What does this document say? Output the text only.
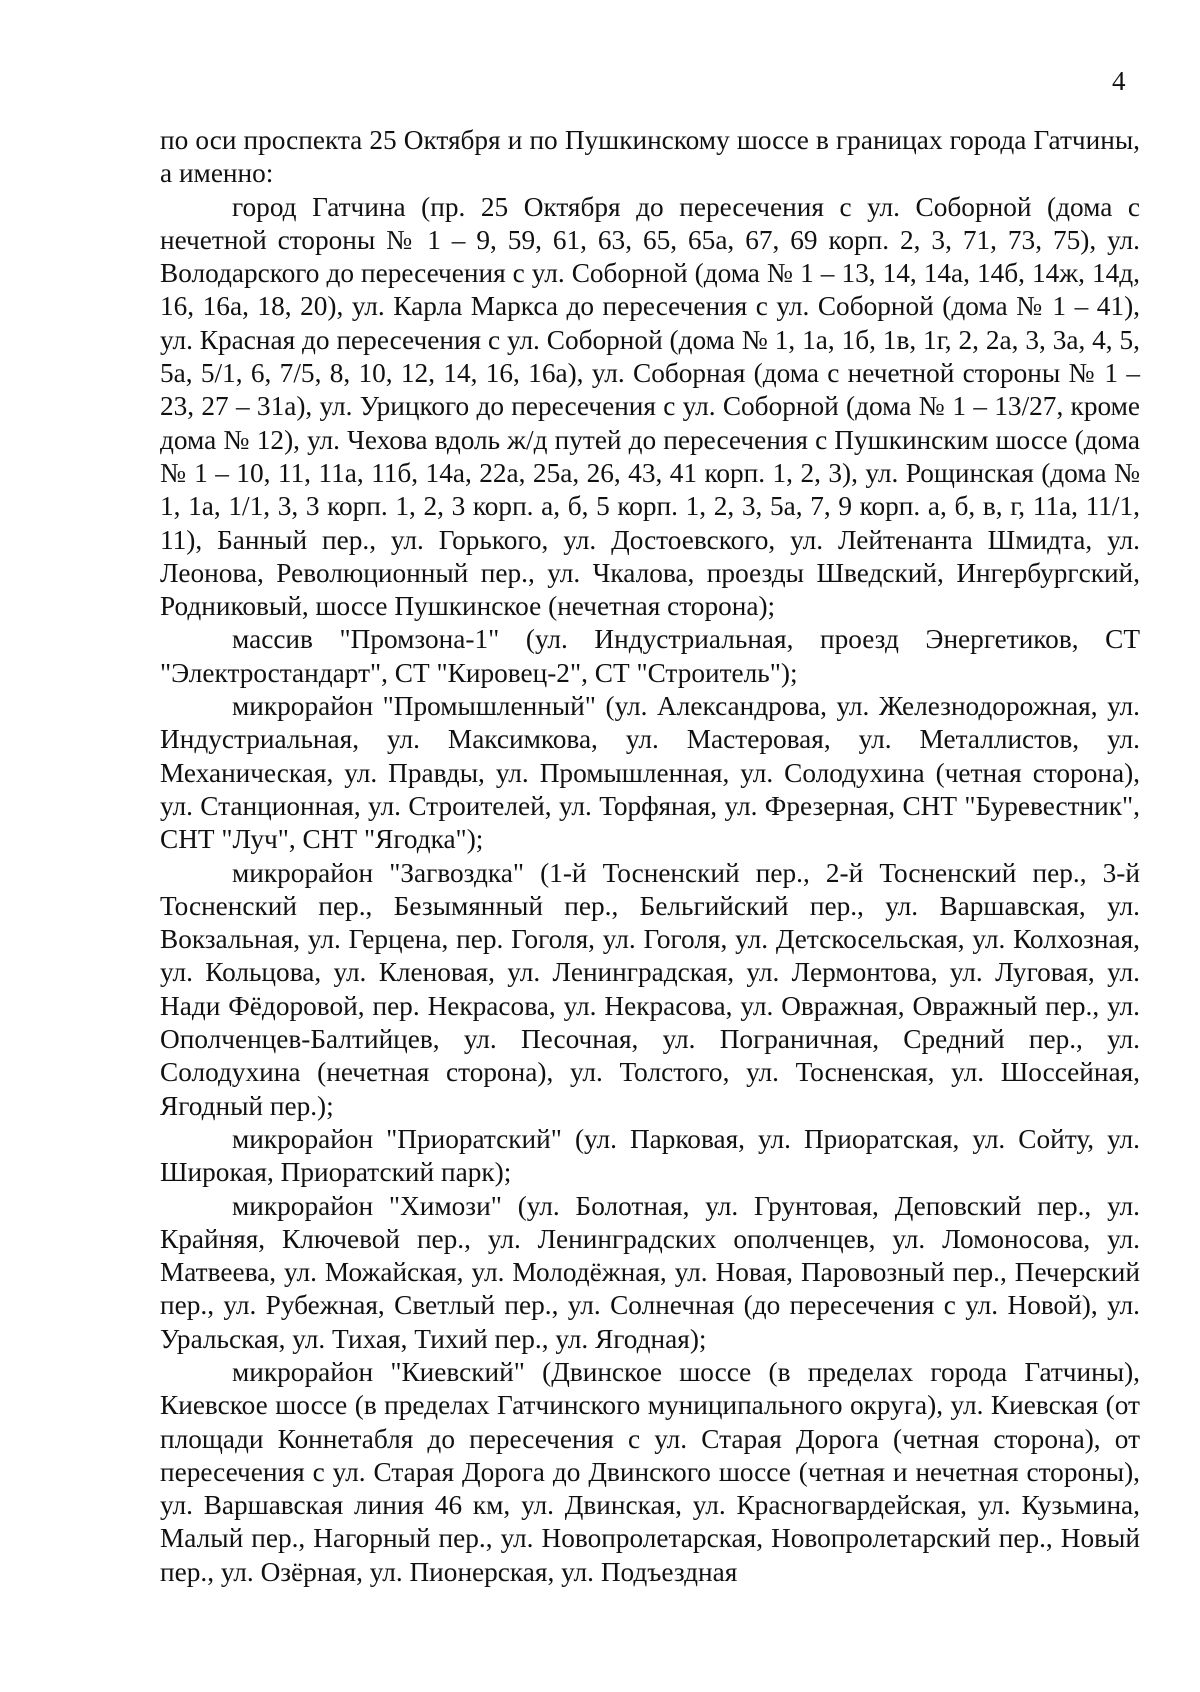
4

по оси проспекта 25 Октября и по Пушкинскому шоссе в границах города Гатчины, а именно:

город Гатчина (пр. 25 Октября до пересечения с ул. Соборной (дома с нечетной стороны № 1 – 9, 59, 61, 63, 65, 65а, 67, 69 корп. 2, 3, 71, 73, 75), ул. Володарского до пересечения с ул. Соборной (дома № 1 – 13, 14, 14а, 14б, 14ж, 14д, 16, 16а, 18, 20), ул. Карла Маркса до пересечения с ул. Соборной (дома № 1 – 41), ул. Красная до пересечения с ул. Соборной (дома № 1, 1а, 1б, 1в, 1г, 2, 2а, 3, 3а, 4, 5, 5а, 5/1, 6, 7/5, 8, 10, 12, 14, 16, 16а), ул. Соборная (дома с нечетной стороны № 1 – 23, 27 – 31а), ул. Урицкого до пересечения с ул. Соборной (дома № 1 – 13/27, кроме дома № 12), ул. Чехова вдоль ж/д путей до пересечения с Пушкинским шоссе (дома № 1 – 10, 11, 11а, 11б, 14а, 22а, 25а, 26, 43, 41 корп. 1, 2, 3), ул. Рощинская (дома № 1, 1а, 1/1, 3, 3 корп. 1, 2, 3 корп. а, б, 5 корп. 1, 2, 3, 5а, 7, 9 корп. а, б, в, г, 11а, 11/1, 11), Банный пер., ул. Горького, ул. Достоевского, ул. Лейтенанта Шмидта, ул. Леонова, Революционный пер., ул. Чкалова, проезды Шведский, Ингербургский, Родниковый, шоссе Пушкинское (нечетная сторона);

массив "Промзона-1" (ул. Индустриальная, проезд Энергетиков, СТ "Электростандарт", СТ "Кировец-2", СТ "Строитель");

микрорайон "Промышленный" (ул. Александрова, ул. Железнодорожная, ул. Индустриальная, ул. Максимкова, ул. Мастеровая, ул. Металлистов, ул. Механическая, ул. Правды, ул. Промышленная, ул. Солодухина (четная сторона), ул. Станционная, ул. Строителей, ул. Торфяная, ул. Фрезерная, СНТ "Буревестник", СНТ "Луч", СНТ "Ягодка");

микрорайон "Загвоздка" (1-й Тосненский пер., 2-й Тосненский пер., 3-й Тосненский пер., Безымянный пер., Бельгийский пер., ул. Варшавская, ул. Вокзальная, ул. Герцена, пер. Гоголя, ул. Гоголя, ул. Детскосельская, ул. Колхозная, ул. Кольцова, ул. Кленовая, ул. Ленинградская, ул. Лермонтова, ул. Луговая, ул. Нади Фёдоровой, пер. Некрасова, ул. Некрасова, ул. Овражная, Овражный пер., ул. Ополченцев-Балтийцев, ул. Песочная, ул. Пограничная, Средний пер., ул. Солодухина (нечетная сторона), ул. Толстого, ул. Тосненская, ул. Шоссейная, Ягодный пер.);

микрорайон "Приоратский" (ул. Парковая, ул. Приоратская, ул. Сойту, ул. Широкая, Приоратский парк);

микрорайон "Химози" (ул. Болотная, ул. Грунтовая, Деповский пер., ул. Крайняя, Ключевой пер., ул. Ленинградских ополченцев, ул. Ломоносова, ул. Матвеева, ул. Можайская, ул. Молодёжная, ул. Новая, Паровозный пер., Печерский пер., ул. Рубежная, Светлый пер., ул. Солнечная (до пересечения с ул. Новой), ул. Уральская, ул. Тихая, Тихий пер., ул. Ягодная);

микрорайон "Киевский" (Двинское шоссе (в пределах города Гатчины), Киевское шоссе (в пределах Гатчинского муниципального округа), ул. Киевская (от площади Коннетабля до пересечения с ул. Старая Дорога (четная сторона), от пересечения с ул. Старая Дорога до Двинского шоссе (четная и нечетная стороны), ул. Варшавская линия 46 км, ул. Двинская, ул. Красногвардейская, ул. Кузьмина, Малый пер., Нагорный пер., ул. Новопролетарская, Новопролетарский пер., Новый пер., ул. Озёрная, ул. Пионерская, ул. Подъездная
